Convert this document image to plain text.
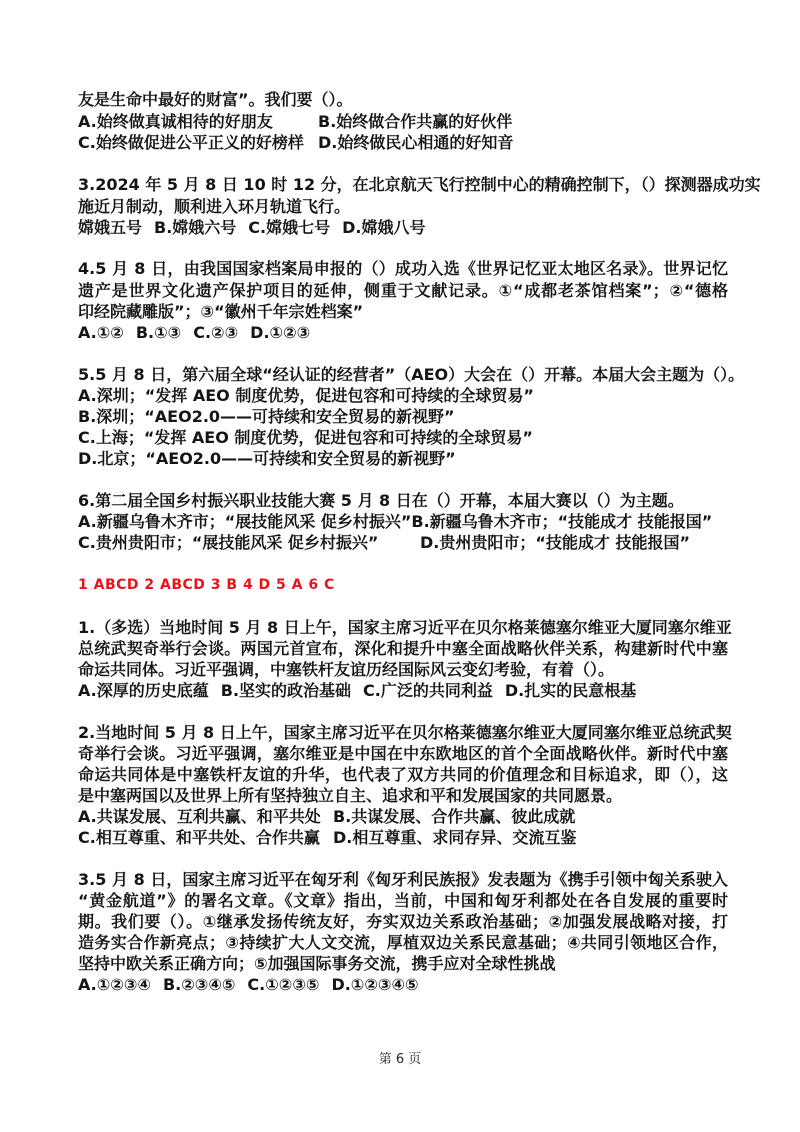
友是生命中最好的财富”。我们要（）。
A.始终做真诚相待的好朋友	B.始终做合作共赢的好伙伴
C.始终做促进公平正义的好榜样 D.始终做民心相通的好知音
3.2024 年 5 月 8 日 10 时 12 分，在北京航天飞行控制中心的精确控制下，（）探测器成功实
施近月制动，顺利进入环月轨道飞行。
嫦娥五号 B.嫦娥六号 C.嫦娥七号 D.嫦娥八号
4.5 月 8 日，由我国国家档案局申报的（）成功入选《世界记忆亚太地区名录》。世界记忆
遗产是世界文化遗产保护项目的延伸，侧重于文献记录。①“成都老茶馆档案”；②“德格
印经院藏雕版”；③“徽州千年宗姓档案”
A.①② B.①③ C.②③ D.①②③
5.5 月 8 日，第六届全球“经认证的经营者”（AEO）大会在（）开幕。本届大会主题为（）。
A.深圳；“发挥 AEO 制度优势，促进包容和可持续的全球贸易”
B.深圳；“AEO2.0——可持续和安全贸易的新视野”
C.上海；“发挥 AEO 制度优势，促进包容和可持续的全球贸易”
D.北京；“AEO2.0——可持续和安全贸易的新视野”
6.第二届全国乡村振兴职业技能大赛 5 月 8 日在（）开幕，本届大赛以（）为主题。
A.新疆乌鲁木齐市；“展技能风采 促乡村振兴”B.新疆乌鲁木齐市；“技能成才 技能报国”
C.贵州贵阳市；“展技能风采 促乡村振兴”	D.贵州贵阳市；“技能成才 技能报国”
1 ABCD 2 ABCD 3 B 4 D 5 A 6 C
1.（多选）当地时间 5 月 8 日上午，国家主席习近平在贝尔格莱德塞尔维亚大厦同塞尔维亚
总统武契奇举行会谈。两国元首宣布，深化和提升中塞全面战略伙伴关系，构建新时代中塞
命运共同体。习近平强调，中塞铁杆友谊历经国际风云变幻考验，有着（）。
A.深厚的历史底蕴 B.坚实的政治基础 C.广泛的共同利益 D.扎实的民意根基
2.当地时间 5 月 8 日上午，国家主席习近平在贝尔格莱德塞尔维亚大厦同塞尔维亚总统武契
奇举行会谈。习近平强调，塞尔维亚是中国在中东欧地区的首个全面战略伙伴。新时代中塞
命运共同体是中塞铁杆友谊的升华，也代表了双方共同的价值理念和目标追求，即（），这
是中塞两国以及世界上所有坚持独立自主、追求和平和发展国家的共同愿景。
A.共谋发展、互利共赢、和平共处 B.共谋发展、合作共赢、彼此成就
C.相互尊重、和平共处、合作共赢 D.相互尊重、求同存异、交流互鉴
3.5 月 8 日，国家主席习近平在匈牙利《匈牙利民族报》发表题为《携手引领中匈关系驶入
“黄金航道”》的署名文章。《文章》指出，当前，中国和匈牙利都处在各自发展的重要时
期。我们要（）。①继承发扬传统友好，夯实双边关系政治基础；②加强发展战略对接，打
造务实合作新亮点；③持续扩大人文交流，厚植双边关系民意基础；④共同引领地区合作，
坚持中欧关系正确方向；⑤加强国际事务交流，携手应对全球性挑战
A.①②③④ B.②③④⑤ C.①②③⑤ D.①②③④⑤
第 6 页
